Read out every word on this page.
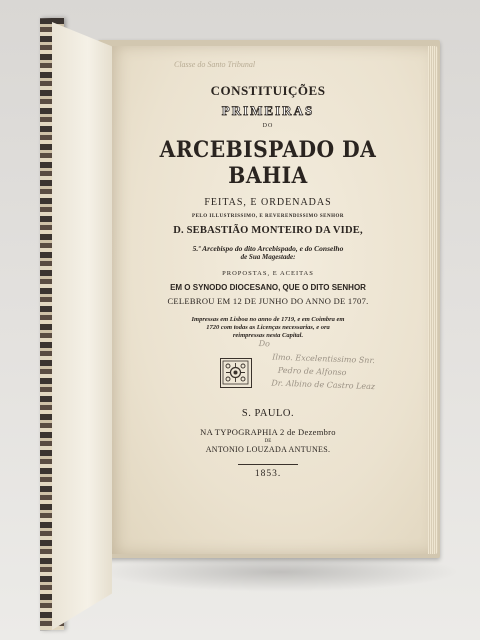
Classe do Santo Tribunal
CONSTITUIÇÕES
PRIMEIRAS
DO
ARCEBISPADO DA BAHIA
FEITAS, E ORDENADAS
PELO ILLUSTRISSIMO, E REVERENDISSIMO SENHOR
D. SEBASTIÃO MONTEIRO DA VIDE,
5.º Arcebispo do dito Arcebispado, e do Conselho
de Sua Magestade:
PROPOSTAS, E ACEITAS
EM O SYNODO DIOCESANO, QUE O DITO SENHOR
CELEBROU EM 12 DE JUNHO DO ANNO DE 1707.
Impressas em Lisboa no anno de 1719, e em Coimbra em
1720 com todas as Licenças necessarias, e ora
reimpressas nesta Capital.
S. PAULO.
NA TYPOGRAPHIA 2 de Dezembro
DE
ANTONIO LOUZADA ANTUNES.
1853.
Do
Ilmo. Excelentissimo Snr.
Pedro de Alfonso
Dr. Albino de Castro Leaz
